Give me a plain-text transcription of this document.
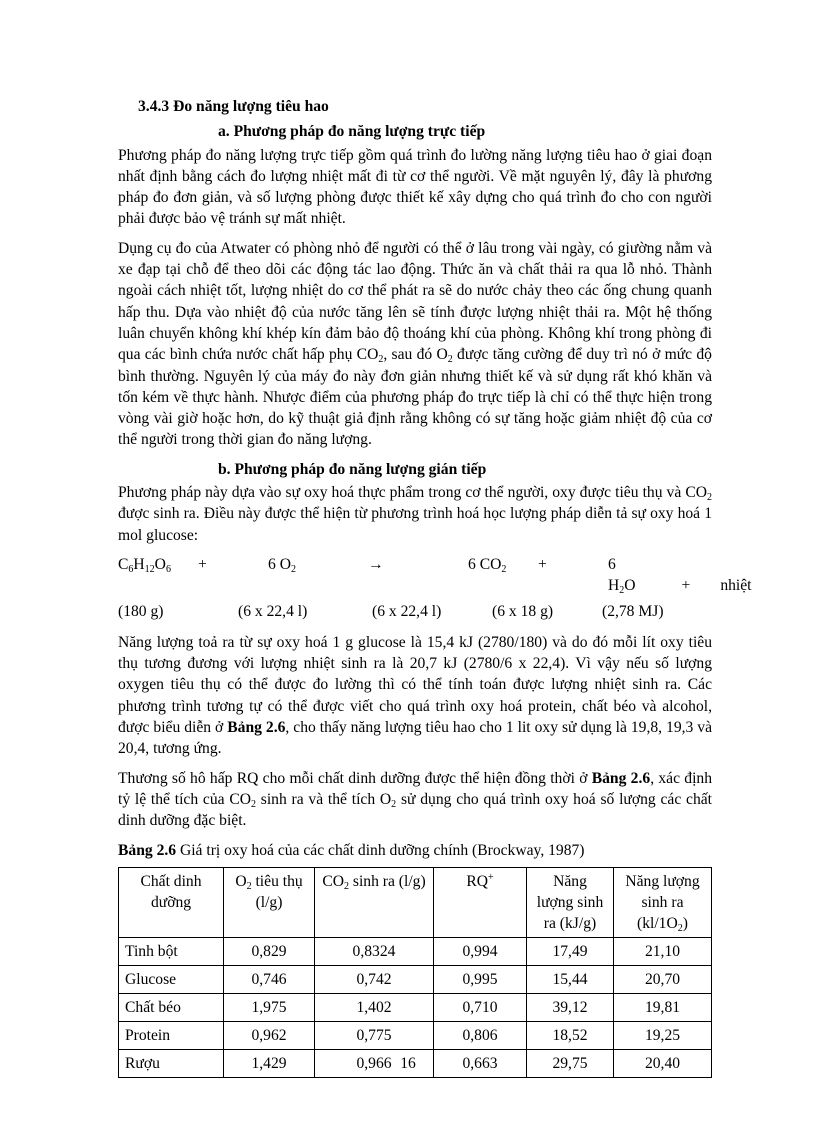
3.4.3 Đo năng lượng tiêu hao
a. Phương pháp đo năng lượng trực tiếp

Phương pháp đo năng lượng trực tiếp gồm quá trình đo lường năng lượng tiêu hao ở giai đoạn nhất định bằng cách đo lượng nhiệt mất đi từ cơ thể người. Về mặt nguyên lý, đây là phương pháp đo đơn giản, và số lượng phòng được thiết kế xây dựng cho quá trình đo cho con người phải được bảo vệ tránh sự mất nhiệt.

Dụng cụ đo của Atwater có phòng nhỏ để người có thể ở lâu trong vài ngày, có giường nằm và xe đạp tại chỗ để theo dõi các động tác lao động. Thức ăn và chất thải ra qua lỗ nhỏ. Thành ngoài cách nhiệt tốt, lượng nhiệt do cơ thể phát ra sẽ do nước chảy theo các ống chung quanh hấp thu. Dựa vào nhiệt độ của nước tăng lên sẽ tính được lượng nhiệt thải ra. Một hệ thống luân chuyển không khí khép kín đảm bảo độ thoáng khí của phòng. Không khí trong phòng đi qua các bình chứa nước chất hấp phụ $CO_2$, sau đó $O_2$ được tăng cường để duy trì nó ở mức độ bình thường. Nguyên lý của máy đo này đơn giản nhưng thiết kế và sử dụng rất khó khăn và tốn kém về thực hành. Nhược điểm của phương pháp đo trực tiếp là chỉ có thể thực hiện trong vòng vài giờ hoặc hơn, do kỹ thuật giả định rằng không có sự tăng hoặc giảm nhiệt độ của cơ thể người trong thời gian đo năng lượng.

b. Phương pháp đo năng lượng gián tiếp

Phương pháp này dựa vào sự oxy hoá thực phẩm trong cơ thể người, oxy được tiêu thụ và $CO_2$ được sinh ra. Điều này được thể hiện từ phương trình hoá học lượng pháp diễn tả sự oxy hoá 1 mol glucose:

$C_6H_{12}O_6$	+	6 $O_2$	→	6 $CO_2$	+	6 $H_2O$	+ nhiệt
(180 g)	(6 x 22,4 l)	(6 x 22,4 l)	(6 x 18 g)	(2,78 MJ)

Năng lượng toả ra từ sự oxy hoá 1 g glucose là 15,4 kJ (2780/180) và do đó mỗi lít oxy tiêu thụ tương đương với lượng nhiệt sinh ra là 20,7 kJ (2780/6 x 22,4). Vì vậy nếu số lượng oxygen tiêu thụ có thể được đo lường thì có thể tính toán được lượng nhiệt sinh ra. Các phương trình tương tự có thể được viết cho quá trình oxy hoá protein, chất béo và alcohol, được biểu diễn ở Bảng 2.6, cho thấy năng lượng tiêu hao cho 1 lit oxy sử dụng là 19,8, 19,3 và 20,4, tương ứng.

Thương số hô hấp RQ cho mỗi chất dinh dưỡng được thể hiện đồng thời ở Bảng 2.6, xác định tỷ lệ thể tích của $CO_2$ sinh ra và thể tích $O_2$ sử dụng cho quá trình oxy hoá số lượng các chất dinh dưỡng đặc biệt.

Bảng 2.6 Giá trị oxy hoá của các chất dinh dưỡng chính (Brockway, 1987)
Chất dinh dưỡng	$O_2$ tiêu thụ (l/g)	$CO_2$ sinh ra (l/g)	RQ+	Năng lượng sinh ra (kJ/g)	Năng lượng sinh ra $(kl/1O_2)$
Tinh bột	0,829	0,8324	0,994	17,49	21,10
Glucose	0,746	0,742	0,995	15,44	20,70
Chất béo	1,975	1,402	0,710	39,12	19,81
Protein	0,962	0,775	0,806	18,52	19,25
Rượu	1,429	0,966	0,663	29,75	20,40
16
